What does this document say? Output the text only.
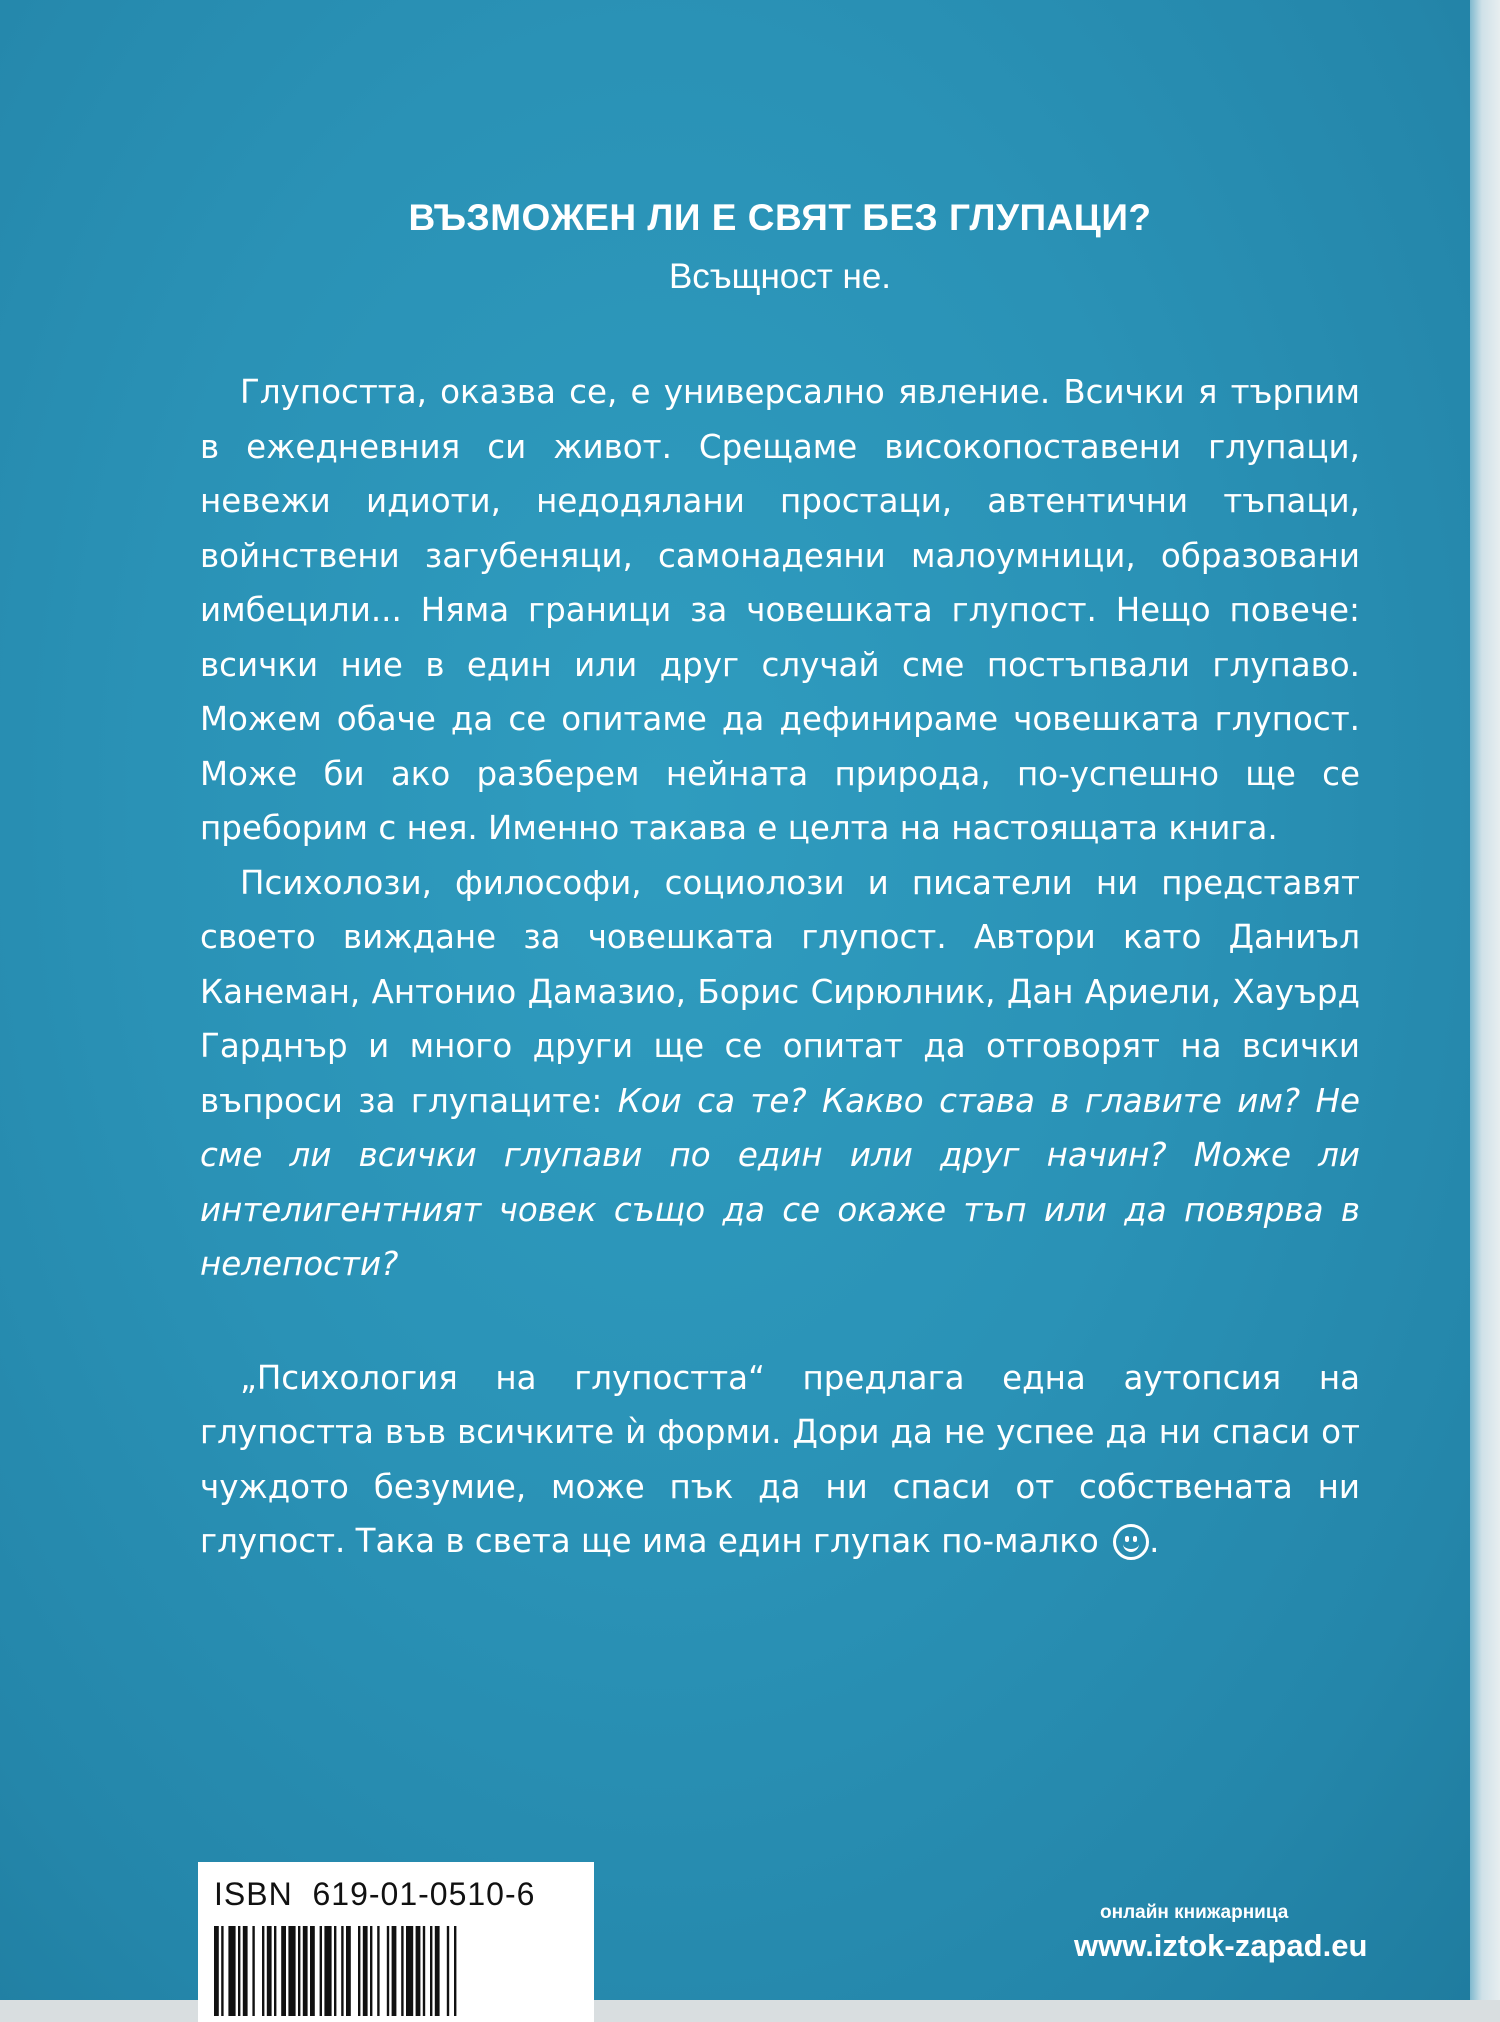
ВЪЗМОЖЕН ЛИ Е СВЯТ БЕЗ ГЛУПАЦИ?
Всъщност не.

Глупостта, оказва се, е универсално явление. Всички я търпим в ежедневния си живот. Срещаме високопоставени глупаци, невежи идиоти, недодялани простаци, автентични тъпаци, войнствени загубеняци, самонадеяни малоумници, образовани имбецили... Няма граници за човешката глупост. Нещо повече: всички ние в един или друг случай сме постъпвали глупаво. Можем обаче да се опитаме да дефинираме човешката глупост. Може би ако разберем нейната природа, по-успешно ще се преборим с нея. Именно такава е целта на настоящата книга.

Психолози, философи, социолози и писатели ни представят своето виждане за човешката глупост. Автори като Даниъл Канеман, Антонио Дамазио, Борис Сирюлник, Дан Ариели, Хауърд Гарднър и много други ще се опитат да отговорят на всички въпроси за глупаците: Кои са те? Какво става в главите им? Не сме ли всички глупави по един или друг начин? Може ли интелигентният човек също да се окаже тъп или да повярва в нелепости?

„Психология на глупостта“ предлага една аутопсия на глупостта във всичките ѝ форми. Дори да не успее да ни спаси от чуждото безумие, може пък да ни спаси от собствената ни глупост. Така в света ще има един глупак по-малко .

ISBN  619-01-0510-6
онлайн книжарница
www.iztok-zapad.eu
